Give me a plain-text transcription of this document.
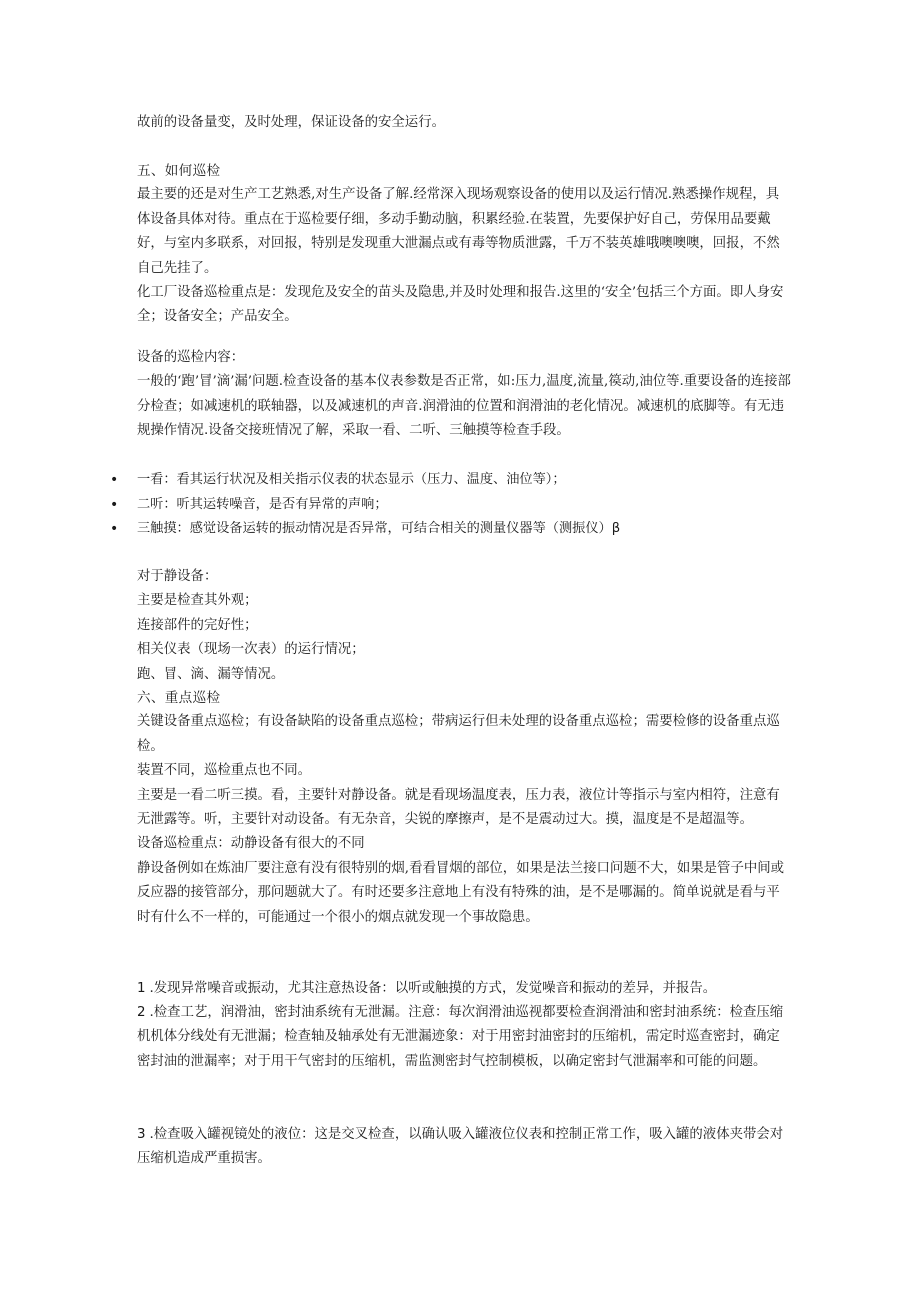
故前的设备量变，及时处理，保证设备的安全运行。
五、如何巡检

最主要的还是对生产工艺熟悉,对生产设备了解.经常深入现场观察设备的使用以及运行情况.熟悉操作规程，具体设备具体对待。重点在于巡检要仔细，多动手勤动脑，积累经验.在装置，先要保护好自己，劳保用品要戴好，与室内多联系，对回报，特别是发现重大泄漏点或有毒等物质泄露，千万不装英雄哦噢噢噢，回报，不然自己先挂了。

化工厂设备巡检重点是：发现危及安全的苗头及隐患,并及时处理和报告.这里的‘安全’包括三个方面。即人身安全；设备安全；产品安全。

设备的巡检内容：

一般的‘跑’冒’滴’漏’问题.检查设备的基本仪表参数是否正常，如:压力,温度,流量,篌动,油位等.重要设备的连接部分检查；如减速机的联轴器，以及减速机的声音.润滑油的位置和润滑油的老化情况。减速机的底脚等。有无违规操作情况.设备交接班情况了解，采取一看、二听、三触摸等检查手段。

• 一看：看其运行状况及相关指示仪表的状态显示（压力、温度、油位等）；
• 二听：听其运转噪音，是否有异常的声响；
• 三触摸：感觉设备运转的振动情况是否异常，可结合相关的测量仪器等（测振仪）β

对于静设备：

主要是检查其外观；

连接部件的完好性；

相关仪表（现场一次表）的运行情况；

跑、冒、滴、漏等情况。

六、重点巡检

关键设备重点巡检；有设备缺陷的设备重点巡检；带病运行但未处理的设备重点巡检；需要检修的设备重点巡检。

装置不同，巡检重点也不同。

主要是一看二听三摸。看，主要针对静设备。就是看现场温度表，压力表，液位计等指示与室内相符，注意有无泄露等。听，主要针对动设备。有无杂音，尖锐的摩擦声，是不是震动过大。摸，温度是不是超温等。

设备巡检重点：动静设备有很大的不同

静设备例如在炼油厂要注意有没有很特别的烟,看看冒烟的部位，如果是法兰接口问题不大，如果是管子中间或反应器的接管部分，那问题就大了。有时还要多注意地上有没有特殊的油，是不是哪漏的。简单说就是看与平时有什么不一样的，可能通过一个很小的烟点就发现一个事故隐患。

1 .发现异常噪音或振动，尤其注意热设备：以听或触摸的方式，发觉噪音和振动的差异，并报告。

2 .检查工艺，润滑油，密封油系统有无泄漏。注意：每次润滑油巡视都要检查润滑油和密封油系统：检查压缩机机体分线处有无泄漏；检查轴及轴承处有无泄漏迹象：对于用密封油密封的压缩机，需定时巡查密封，确定密封油的泄漏率；对于用干气密封的压缩机，需监测密封气控制模板，以确定密封气泄漏率和可能的问题。

3 .检查吸入罐视镜处的液位：这是交叉检查，以确认吸入罐液位仪表和控制正常工作，吸入罐的液体夹带会对压缩机造成严重损害。
